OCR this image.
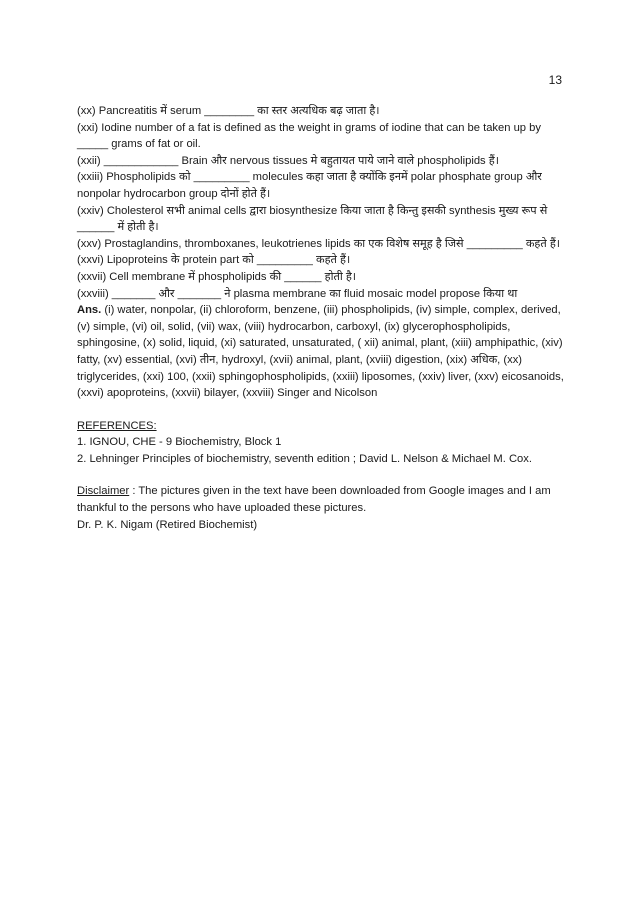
13

(xx) Pancreatitis में serum ________ का स्तर अत्यधिक बढ़ जाता है।

(xxi) Iodine number of a fat is defined as the weight in grams of iodine that can be taken up by _____ grams of fat or oil.

(xxii) ____________ Brain और nervous tissues मे बहुतायत पाये जाने वाले phospholipids हैं।

(xxiii) Phospholipids को _________ molecules कहा जाता है क्योंकि इनमें polar phosphate group और nonpolar hydrocarbon group दोनों होते हैं।

(xxiv) Cholesterol सभी animal cells द्वारा biosynthesize किया जाता है किन्तु इसकी synthesis मुख्य रूप से ______ में होती है।

(xxv) Prostaglandins, thromboxanes, leukotrienes lipids का एक विशेष समूह है जिसे _________ कहते हैं।

(xxvi) Lipoproteins के protein part को _________ कहते हैं।

(xxvii) Cell membrane में phospholipids की ______ होती है।

(xxviii) _______ और _______ ने plasma membrane का fluid mosaic model propose किया था

Ans. (i) water, nonpolar, (ii) chloroform, benzene, (iii) phospholipids, (iv) simple, complex, derived, (v) simple, (vi) oil, solid, (vii) wax, (viii) hydrocarbon, carboxyl, (ix) glycerophospholipids, sphingosine, (x) solid, liquid, (xi) saturated, unsaturated, ( xii) animal, plant, (xiii) amphipathic, (xiv) fatty, (xv) essential, (xvi) तीन, hydroxyl, (xvii) animal, plant, (xviii) digestion, (xix) अधिक, (xx) triglycerides, (xxi) 100, (xxii) sphingophospholipids, (xxiii) liposomes, (xxiv) liver, (xxv) eicosanoids, (xxvi) apoproteins, (xxvii) bilayer, (xxviii) Singer and Nicolson

REFERENCES:

1. IGNOU, CHE - 9 Biochemistry, Block 1

2. Lehninger Principles of biochemistry, seventh edition ; David L. Nelson & Michael M. Cox.

Disclaimer : The pictures given in the text have been downloaded from Google images and I am thankful to the persons who have uploaded these pictures.

Dr. P. K. Nigam (Retired Biochemist)
